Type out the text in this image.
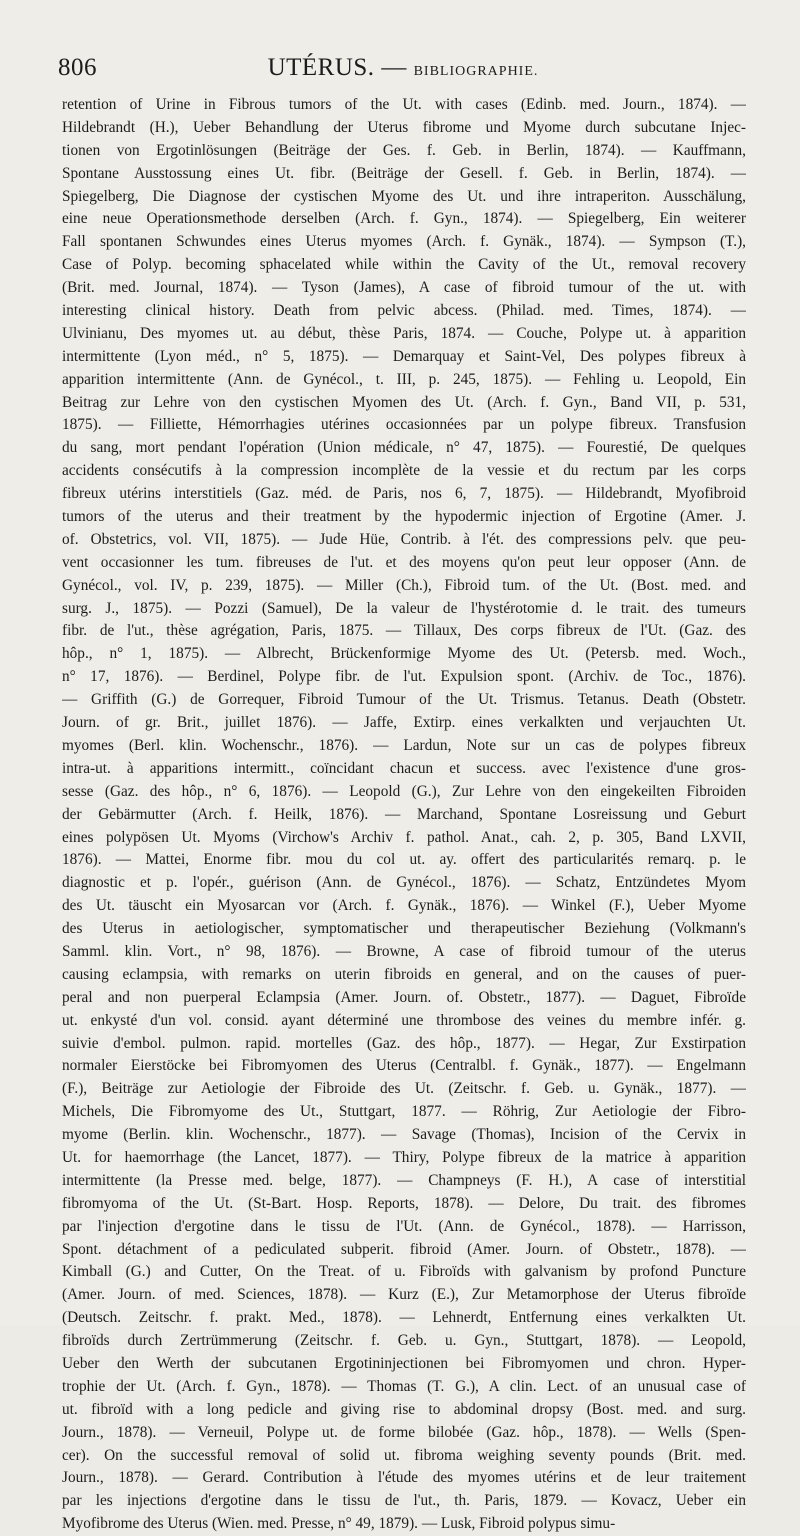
806	UTÉRUS. — BIBLIOGRAPHIE.
retention of Urine in Fibrous tumors of the Ut. with cases (Edinb. med. Journ., 1874). —
Hildebrandt (H.), Ueber Behandlung der Uterus fibrome und Myome durch subcutane Injec-
tionen von Ergotinlösungen (Beiträge der Ges. f. Geb. in Berlin, 1874). — Kauffmann,
Spontane Ausstossung eines Ut. fibr. (Beiträge der Gesell. f. Geb. in Berlin, 1874). —
Spiegelberg, Die Diagnose der cystischen Myome des Ut. und ihre intraperiton. Ausschälung,
eine neue Operationsmethode derselben (Arch. f. Gyn., 1874). — Spiegelberg, Ein weiterer
Fall spontanen Schwundes eines Uterus myomes (Arch. f. Gynäk., 1874). — Sympson (T.),
Case of Polyp. becoming sphacelated while within the Cavity of the Ut., removal recovery
(Brit. med. Journal, 1874). — Tyson (James), A case of fibroid tumour of the ut. with
interesting clinical history. Death from pelvic abcess. (Philad. med. Times, 1874). —
Ulvinianu, Des myomes ut. au début, thèse Paris, 1874. — Couche, Polype ut. à apparition
intermittente (Lyon méd., n° 5, 1875). — Demarquay et Saint-Vel, Des polypes fibreux à
apparition intermittente (Ann. de Gynécol., t. III, p. 245, 1875). — Fehling u. Leopold, Ein
Beitrag zur Lehre von den cystischen Myomen des Ut. (Arch. f. Gyn., Band VII, p. 531,
1875). — Filliette, Hémorrhagies utérines occasionnées par un polype fibreux. Transfusion
du sang, mort pendant l'opération (Union médicale, n° 47, 1875). — Fourestié, De quelques
accidents consécutifs à la compression incomplète de la vessie et du rectum par les corps
fibreux utérins interstitiels (Gaz. méd. de Paris, nos 6, 7, 1875). — Hildebrandt, Myofibroid
tumors of the uterus and their treatment by the hypodermic injection of Ergotine (Amer. J.
of. Obstetrics, vol. VII, 1875). — Jude Hüe, Contrib. à l'ét. des compressions pelv. que peu-
vent occasionner les tum. fibreuses de l'ut. et des moyens qu'on peut leur opposer (Ann. de
Gynécol., vol. IV, p. 239, 1875). — Miller (Ch.), Fibroid tum. of the Ut. (Bost. med. and
surg. J., 1875). — Pozzi (Samuel), De la valeur de l'hystérotomie d. le trait. des tumeurs
fibr. de l'ut., thèse agrégation, Paris, 1875. — Tillaux, Des corps fibreux de l'Ut. (Gaz. des
hôp., n° 1, 1875). — Albrecht, Brückenformige Myome des Ut. (Petersb. med. Woch.,
n° 17, 1876). — Berdinel, Polype fibr. de l'ut. Expulsion spont. (Archiv. de Toc., 1876).
— Griffith (G.) de Gorrequer, Fibroid Tumour of the Ut. Trismus. Tetanus. Death (Obstetr.
Journ. of gr. Brit., juillet 1876). — Jaffe, Extirp. eines verkalkten und verjauchten Ut.
myomes (Berl. klin. Wochenschr., 1876). — Lardun, Note sur un cas de polypes fibreux
intra-ut. à apparitions intermitt., coïncidant chacun et success. avec l'existence d'une gros-
sesse (Gaz. des hôp., n° 6, 1876). — Leopold (G.), Zur Lehre von den eingekeilten Fibroiden
der Gebärmutter (Arch. f. Heilk, 1876). — Marchand, Spontane Losreissung und Geburt
eines polypösen Ut. Myoms (Virchow's Archiv f. pathol. Anat., cah. 2, p. 305, Band LXVII,
1876). — Mattei, Enorme fibr. mou du col ut. ay. offert des particularités remarq. p. le
diagnostic et p. l'opér., guérison (Ann. de Gynécol., 1876). — Schatz, Entzündetes Myom
des Ut. täuscht ein Myosarcan vor (Arch. f. Gynäk., 1876). — Winkel (F.), Ueber Myome
des Uterus in aetiologischer, symptomatischer und therapeutischer Beziehung (Volkmann's
Samml. klin. Vort., n° 98, 1876). — Browne, A case of fibroid tumour of the uterus
causing eclampsia, with remarks on uterin fibroids en general, and on the causes of puer-
peral and non puerperal Eclampsia (Amer. Journ. of. Obstetr., 1877). — Daguet, Fibroïde
ut. enkysté d'un vol. consid. ayant déterminé une thrombose des veines du membre infér. g.
suivie d'embol. pulmon. rapid. mortelles (Gaz. des hôp., 1877). — Hegar, Zur Exstirpation
normaler Eierstöcke bei Fibromyomen des Uterus (Centralbl. f. Gynäk., 1877). — Engelmann
(F.), Beiträge zur Aetiologie der Fibroide des Ut. (Zeitschr. f. Geb. u. Gynäk., 1877). —
Michels, Die Fibromyome des Ut., Stuttgart, 1877. — Röhrig, Zur Aetiologie der Fibro-
myome (Berlin. klin. Wochenschr., 1877). — Savage (Thomas), Incision of the Cervix in
Ut. for haemorrhage (the Lancet, 1877). — Thiry, Polype fibreux de la matrice à apparition
intermittente (la Presse med. belge, 1877). — Champneys (F. H.), A case of interstitial
fibromyoma of the Ut. (St-Bart. Hosp. Reports, 1878). — Delore, Du trait. des fibromes
par l'injection d'ergotine dans le tissu de l'Ut. (Ann. de Gynécol., 1878). — Harrisson,
Spont. détachment of a pediculated subperit. fibroid (Amer. Journ. of Obstetr., 1878). —
Kimball (G.) and Cutter, On the Treat. of u. Fibroïds with galvanism by profond Puncture
(Amer. Journ. of med. Sciences, 1878). — Kurz (E.), Zur Metamorphose der Uterus fibroïde
(Deutsch. Zeitschr. f. prakt. Med., 1878). — Lehnerdt, Entfernung eines verkalkten Ut.
fibroïds durch Zertrümmerung (Zeitschr. f. Geb. u. Gyn., Stuttgart, 1878). — Leopold,
Ueber den Werth der subcutanen Ergotininjectionen bei Fibromyomen und chron. Hyper-
trophie der Ut. (Arch. f. Gyn., 1878). — Thomas (T. G.), A clin. Lect. of an unusual case of
ut. fibroïd with a long pedicle and giving rise to abdominal dropsy (Bost. med. and surg.
Journ., 1878). — Verneuil, Polype ut. de forme bilobée (Gaz. hôp., 1878). — Wells (Spen-
cer). On the successful removal of solid ut. fibroma weighing seventy pounds (Brit. med.
Journ., 1878). — Gerard. Contribution à l'étude des myomes utérins et de leur traitement
par les injections d'ergotine dans le tissu de l'ut., th. Paris, 1879. — Kovacz, Ueber ein
Myofibrome des Uterus (Wien. med. Presse, n° 49, 1879). — Lusk, Fibroid polypus simu-
